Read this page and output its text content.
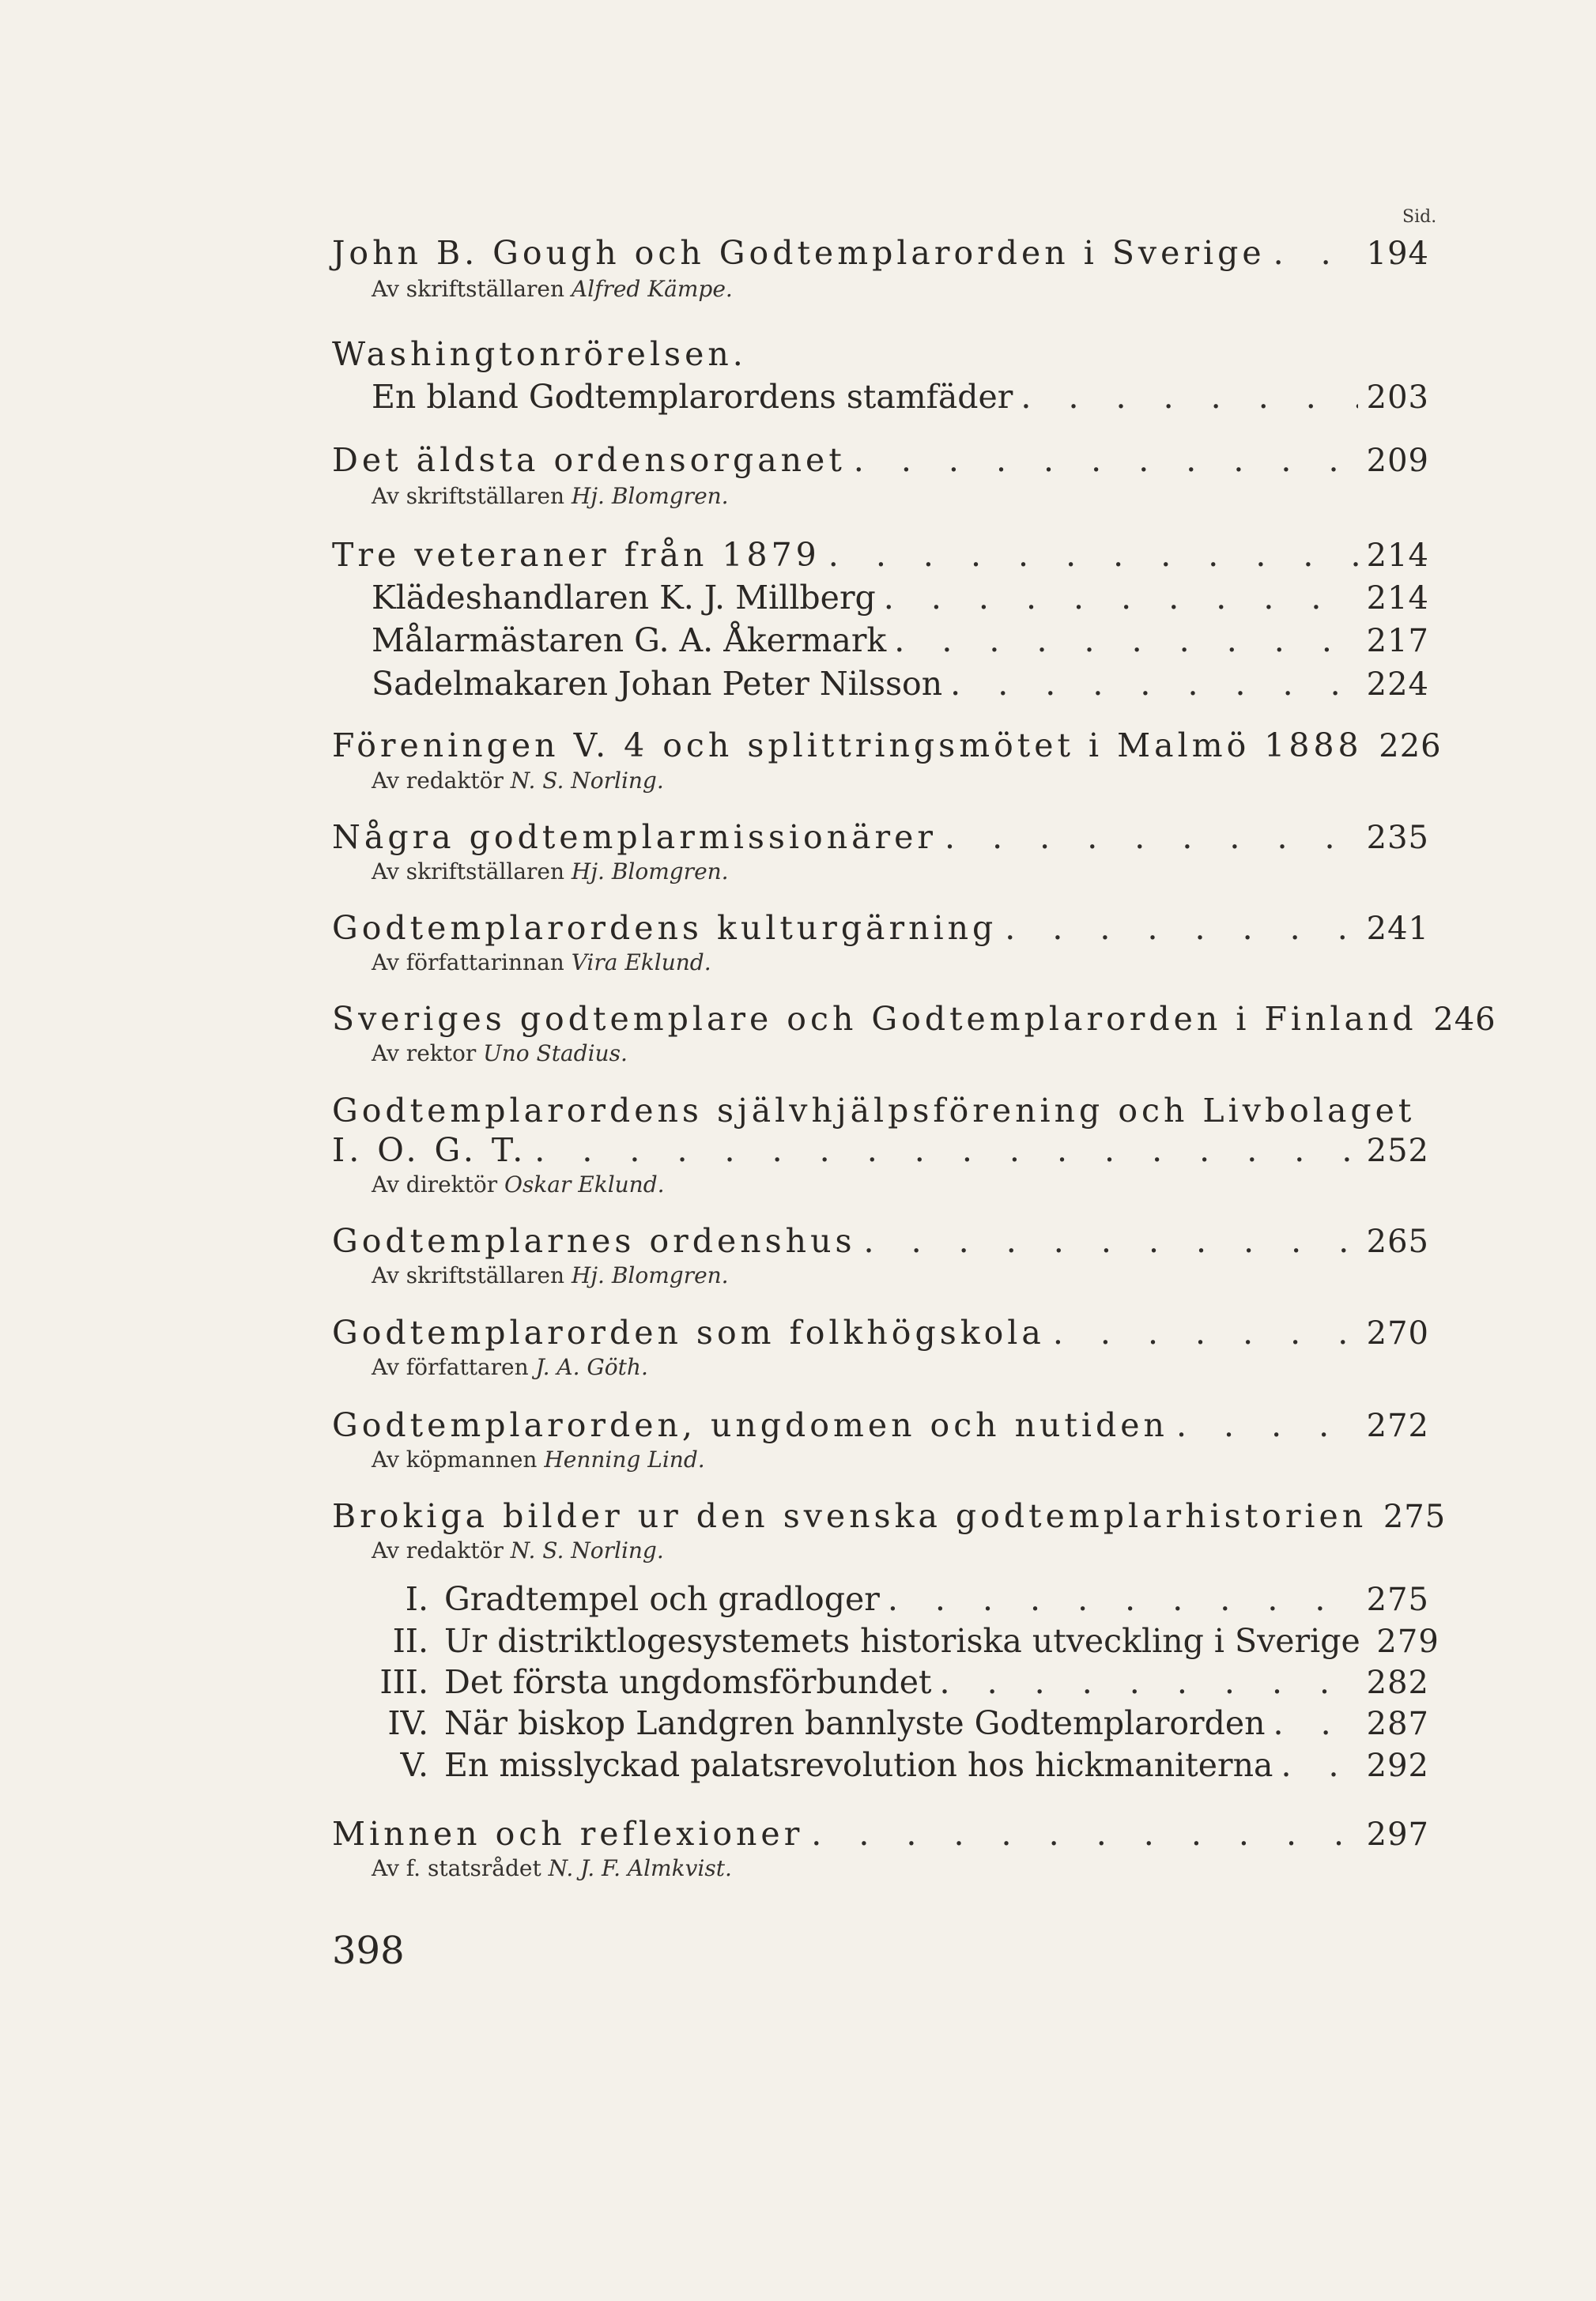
Sid.
John B. Gough och Godtemplarorden i Sverige . . .	194
Av skriftställaren Alfred Kämpe.
Washingtonrörelsen.
En bland Godtemplarordens stamfäder . . .	203
Det äldsta ordensorganet . . .	209
Av skriftställaren Hj. Blomgren.
Tre veteraner från 1879 . . .	214
Klädeshandlaren K. J. Millberg . . .	214
Målarmästaren G. A. Åkermark . . .	217
Sadelmakaren Johan Peter Nilsson . . .	224
Föreningen V. 4 och splittringsmötet i Malmö 1888 . . . 226
Av redaktör N. S. Norling.
Några godtemplarmissionärer . . .	235
Av skriftställaren Hj. Blomgren.
Godtemplarordens kulturgärning . . .	241
Av författarinnan Vira Eklund.
Sveriges godtemplare och Godtemplarorden i Finland . . . 246
Av rektor Uno Stadius.
Godtemplarordens självhjälpsförening och Livbolaget
I. O. G. T. . . .	252
Av direktör Oskar Eklund.
Godtemplarnes ordenshus . . .	265
Av skriftställaren Hj. Blomgren.
Godtemplarorden som folkhögskola . . .	270
Av författaren J. A. Göth.
Godtemplarorden, ungdomen och nutiden . . .	272
Av köpmannen Henning Lind.
Brokiga bilder ur den svenska godtemplarhistorien . . . 275
Av redaktör N. S. Norling.
I. Gradtempel och gradloger . . .	275
II. Ur distriktlogesystemets historiska utveckling i Sverige . . . 279
III. Det första ungdomsförbundet . . .	282
IV. När biskop Landgren bannlyste Godtemplarorden . . .	287
V. En misslyckad palatsrevolution hos hickmaniterna . . .	292
Minnen och reflexioner . . .	297
Av f. statsrådet N. J. F. Almkvist.
398
